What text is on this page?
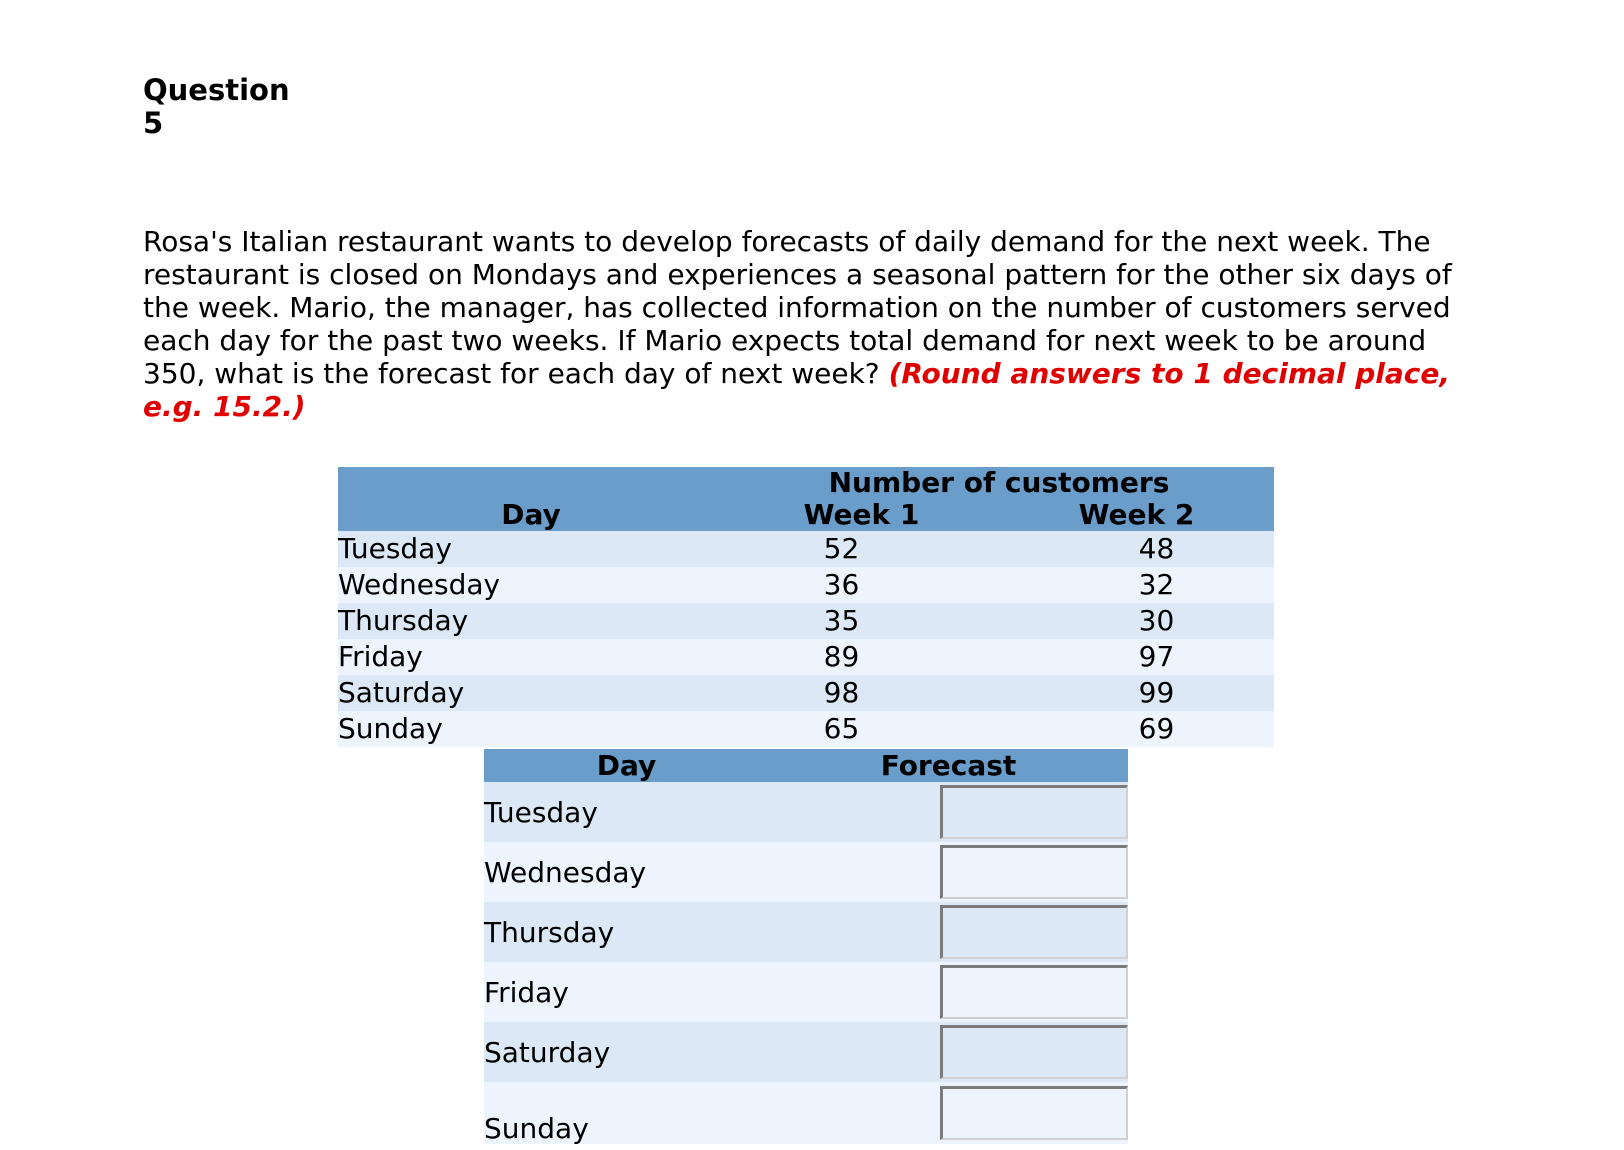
Question
5

Rosa's Italian restaurant wants to develop forecasts of daily demand for the next week. The restaurant is closed on Mondays and experiences a seasonal pattern for the other six days of the week. Mario, the manager, has collected information on the number of customers served each day for the past two weeks. If Mario expects total demand for next week to be around 350, what is the forecast for each day of next week? (Round answers to 1 decimal place, e.g. 15.2.)

Day	Number of customers	
	Week 1	Week 2
Tuesday	52	48
Wednesday	36	32
Thursday	35	30
Friday	89	97
Saturday	98	99
Sunday	65	69
Day	Forecast	
Tuesday	
Wednesday	
Thursday	
Friday	
Saturday	
Sunday	
